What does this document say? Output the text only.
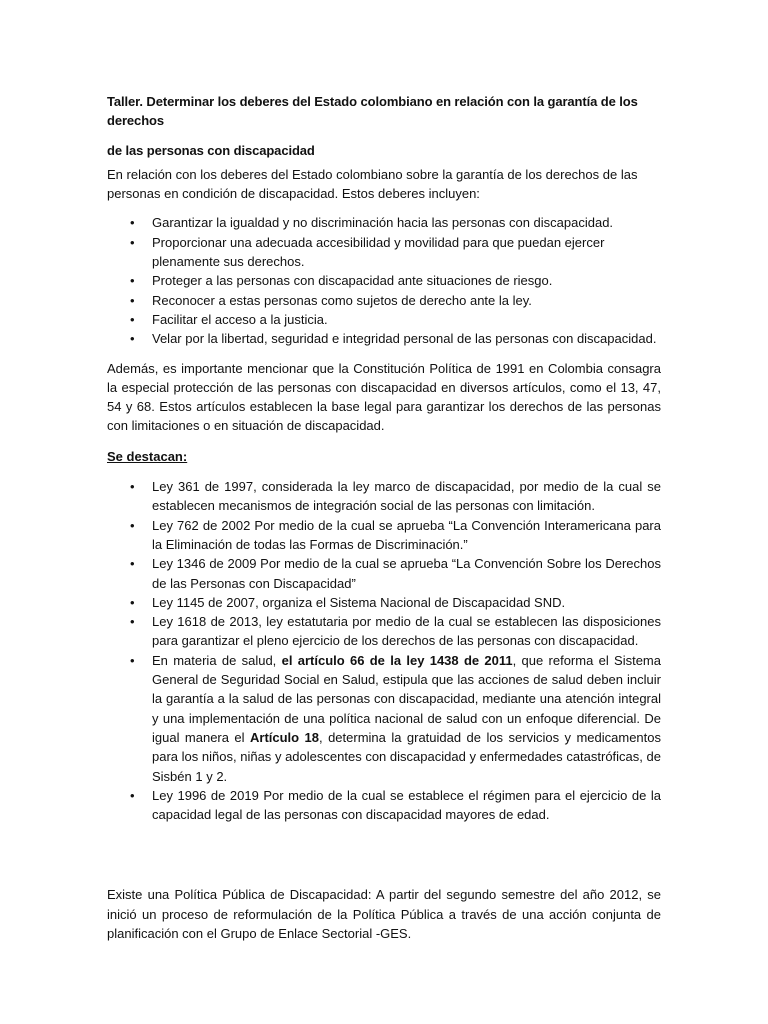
Taller. Determinar los deberes del Estado colombiano en relación con la garantía de los derechos

de las personas con discapacidad

En relación con los deberes del Estado colombiano sobre la garantía de los derechos de las personas en condición de discapacidad. Estos deberes incluyen:

• Garantizar la igualdad y no discriminación hacia las personas con discapacidad.
• Proporcionar una adecuada accesibilidad y movilidad para que puedan ejercer plenamente sus derechos.
• Proteger a las personas con discapacidad ante situaciones de riesgo.
• Reconocer a estas personas como sujetos de derecho ante la ley.
• Facilitar el acceso a la justicia.
• Velar por la libertad, seguridad e integridad personal de las personas con discapacidad.

Además, es importante mencionar que la Constitución Política de 1991 en Colombia consagra la especial protección de las personas con discapacidad en diversos artículos, como el 13, 47, 54 y 68. Estos artículos establecen la base legal para garantizar los derechos de las personas con limitaciones o en situación de discapacidad.

Se destacan:

• Ley 361 de 1997, considerada la ley marco de discapacidad, por medio de la cual se establecen mecanismos de integración social de las personas con limitación.
• Ley 762 de 2002 Por medio de la cual se aprueba “La Convención Interamericana para la Eliminación de todas las Formas de Discriminación.”
• Ley 1346 de 2009 Por medio de la cual se aprueba “La Convención Sobre los Derechos de las Personas con Discapacidad”
• Ley 1145 de 2007, organiza el Sistema Nacional de Discapacidad SND.
• Ley 1618 de 2013, ley estatutaria por medio de la cual se establecen las disposiciones para garantizar el pleno ejercicio de los derechos de las personas con discapacidad.
• En materia de salud, el artículo 66 de la ley 1438 de 2011, que reforma el Sistema General de Seguridad Social en Salud, estipula que las acciones de salud deben incluir la garantía a la salud de las personas con discapacidad, mediante una atención integral y una implementación de una política nacional de salud con un enfoque diferencial. De igual manera el Artículo 18, determina la gratuidad de los servicios y medicamentos para los niños, niñas y adolescentes con discapacidad y enfermedades catastróficas, de Sisbén 1 y 2.
• Ley 1996 de 2019 Por medio de la cual se establece el régimen para el ejercicio de la capacidad legal de las personas con discapacidad mayores de edad.

Existe una Política Pública de Discapacidad: A partir del segundo semestre del año 2012, se inició un proceso de reformulación de la Política Pública a través de una acción conjunta de planificación con el Grupo de Enlace Sectorial -GES.
